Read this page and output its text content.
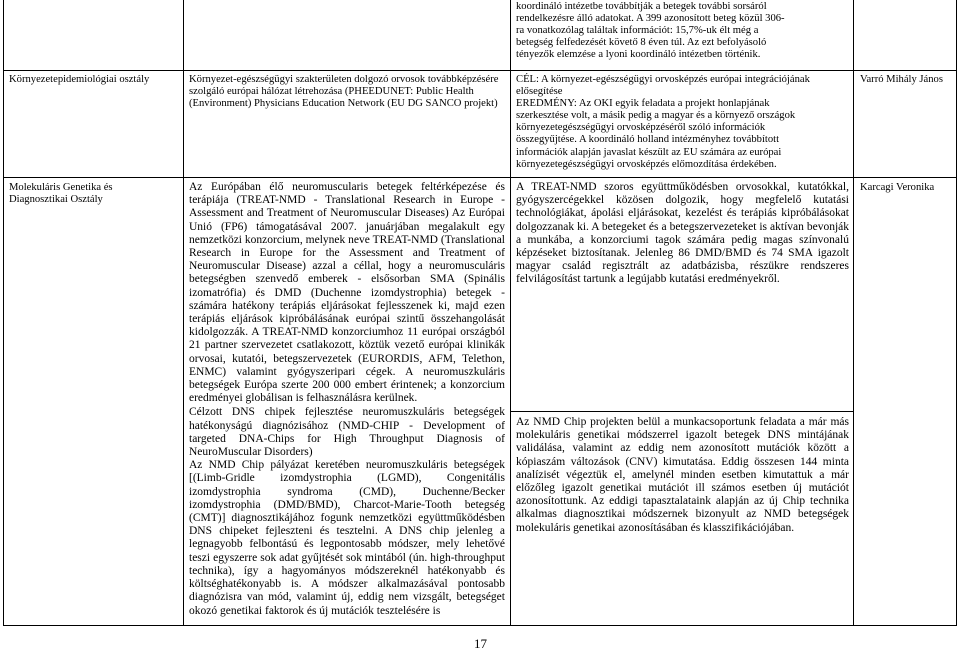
koordináló intézetbe továbbítják a betegek további sorsáról
rendelkezésre álló adatokat. A 399 azonosított beteg közül 306-
ra vonatkozólag találtak információt: 15,7%-uk élt még a
betegség felfedezését követő 8 éven túl. Az ezt befolyásoló
tényezők elemzése a lyoni koordináló intézetben történik.
Környezetepidemiológiai osztály	Környezet-egészségügyi szakterületen dolgozó orvosok továbbképzésére szolgáló európai hálózat létrehozása (PHEEDUNET: Public Health (Environment) Physicians Education Network (EU DG SANCO projekt)
CÉL: A környezet-egészségügyi orvosképzés európai integrációjának
elősegítése
EREDMÉNY: Az OKI egyik feladata a projekt honlapjának
szerkesztése volt, a másik pedig a magyar és a környező országok
környezetegészségügyi orvosképzéséről szóló információk
összegyűjtése. A koordináló holland intézményhez továbbított
információk alapján javaslat készült az EU számára az európai
környezetegészségügyi orvosképzés előmozdítása érdekében.
Varró Mihály János
Molekuláris Genetika és Diagnosztikai Osztály

Az Európában élő neuromuscularis betegek feltérképezése és terápiája (TREAT-NMD - Translational Research in Europe - Assessment and Treatment of Neuromuscular Diseases) Az Európai Unió (FP6) támogatásával 2007. januárjában megalakult egy nemzetközi konzorcium, melynek neve TREAT-NMD (Translational Research in Europe for the Assessment and Treatment of Neuromuscular Disease) azzal a céllal, hogy a neuromusculáris betegségben szenvedő emberek - elsősorban SMA (Spinális izomatrófia) és DMD (Duchenne izomdystrophia) betegek - számára hatékony terápiás eljárásokat fejlesszenek ki, majd ezen terápiás eljárások kipróbálásának európai szintű összehangolását kidolgozzák. A TREAT-NMD konzorciumhoz 11 európai országból 21 partner szervezetet csatlakozott, köztük vezető európai klinikák orvosai, kutatói, betegszervezetek (EURORDIS, AFM, Telethon, ENMC) valamint gyógyszeripari cégek. A neuromuszkuláris betegségek Európa szerte 200 000 embert érintenek; a konzorcium eredményei globálisan is felhasználásra kerülnek.

Célzott DNS chipek fejlesztése neuromuszkuláris betegségek hatékonyságú diagnózisához (NMD-CHIP - Development of targeted DNA-Chips for High Throughput Diagnosis of NeuroMuscular Disorders)

Az NMD Chip pályázat keretében neuromuszkuláris betegségek [(Limb-Gridle izomdystrophia (LGMD), Congenitális izomdystrophia syndroma (CMD), Duchenne/Becker izomdystrophia (DMD/BMD), Charcot-Marie-Tooth betegség (CMT)] diagnosztikájához fogunk nemzetközi együttműködésben DNS chipeket fejleszteni és tesztelni. A DNS chip jelenleg a legnagyobb felbontású és legpontosabb módszer, mely lehetővé teszi egyszerre sok adat gyűjtését sok mintából (ún. high-throughput technika), így a hagyományos módszereknél hatékonyabb és költséghatékonyabb is. A módszer alkalmazásával pontosabb diagnózisra van mód, valamint új, eddig nem vizsgált, betegséget okozó genetikai faktorok és új mutációk tesztelésére is

A TREAT-NMD szoros együttműködésben orvosokkal, kutatókkal, gyógyszercégekkel közösen dolgozik, hogy megfelelő kutatási technológiákat, ápolási eljárásokat, kezelést és terápiás kipróbálásokat dolgozzanak ki. A betegeket és a betegszervezeteket is aktívan bevonják a munkába, a konzorciumi tagok számára pedig magas színvonalú képzéseket biztosítanak. Jelenleg 86 DMD/BMD és 74 SMA igazolt magyar család regisztrált az adatbázisba, részükre rendszeres felvilágosítást tartunk a legújabb kutatási eredményekről.

Az NMD Chip projekten belül a munkacsoportunk feladata a már más molekuláris genetikai módszerrel igazolt betegek DNS mintájának validálása, valamint az eddig nem azonosított mutációk között a kópiaszám változások (CNV) kimutatása. Eddig összesen 144 minta analízisét végeztük el, amelynél minden esetben kimutattuk a már előzőleg igazolt genetikai mutációt ill számos esetben új mutációt azonosítottunk. Az eddigi tapasztalataink alapján az új Chip technika alkalmas diagnosztikai módszernek bizonyult az NMD betegségek molekuláris genetikai azonosításában és klasszifikációjában.

Karcagi Veronika
17
